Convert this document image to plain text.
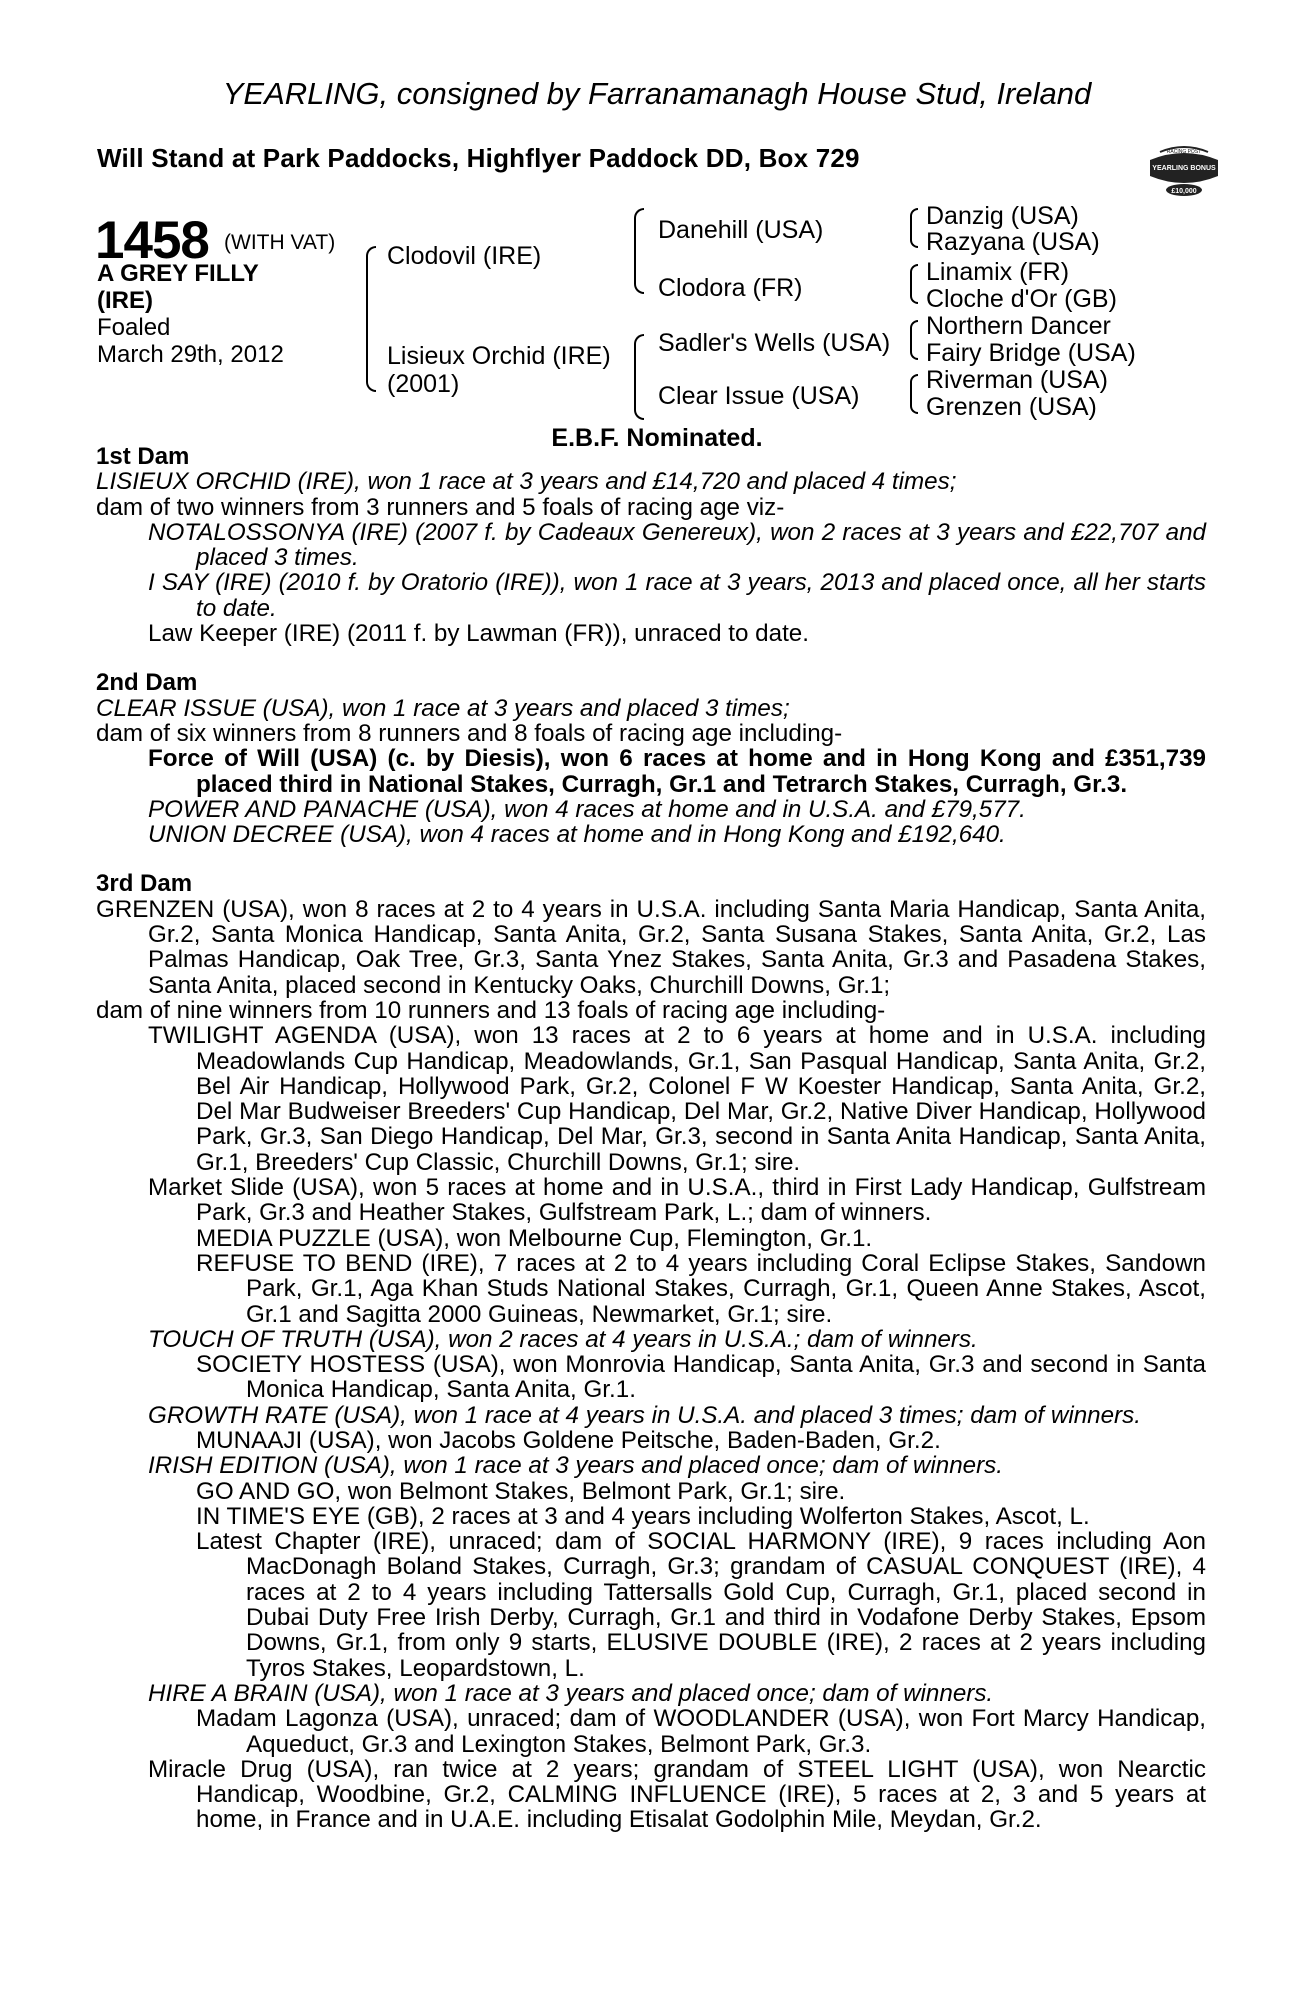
YEARLING, consigned by Farranamanagh House Stud, Ireland
Will Stand at Park Paddocks, Highflyer Paddock DD, Box 729	RACING POST
YEARLING BONUS
£10,000
1458 (WITH VAT)
A GREY FILLY
(IRE)
Foaled
March 29th, 2012
Clodovil (IRE)
Lisieux Orchid (IRE)
(2001)
Danehill (USA)
Clodora (FR)
Sadler's Wells (USA)
Clear Issue (USA)
Danzig (USA)
Razyana (USA)
Linamix (FR)
Cloche d'Or (GB)
Northern Dancer
Fairy Bridge (USA)
Riverman (USA)
Grenzen (USA)
E.B.F. Nominated.

1st Dam

LISIEUX ORCHID (IRE), won 1 race at 3 years and £14,720 and placed 4 times;

dam of two winners from 3 runners and 5 foals of racing age viz-

NOTALOSSONYA (IRE) (2007 f. by Cadeaux Genereux), won 2 races at 3 years and £22,707 and placed 3 times.

I SAY (IRE) (2010 f. by Oratorio (IRE)), won 1 race at 3 years, 2013 and placed once, all her starts to date.

Law Keeper (IRE) (2011 f. by Lawman (FR)), unraced to date.

2nd Dam

CLEAR ISSUE (USA), won 1 race at 3 years and placed 3 times;

dam of six winners from 8 runners and 8 foals of racing age including-

Force of Will (USA) (c. by Diesis), won 6 races at home and in Hong Kong and £351,739 placed third in National Stakes, Curragh, Gr.1 and Tetrarch Stakes, Curragh, Gr.3.

POWER AND PANACHE (USA), won 4 races at home and in U.S.A. and £79,577.

UNION DECREE (USA), won 4 races at home and in Hong Kong and £192,640.

3rd Dam

GRENZEN (USA), won 8 races at 2 to 4 years in U.S.A. including Santa Maria Handicap, Santa Anita, Gr.2, Santa Monica Handicap, Santa Anita, Gr.2, Santa Susana Stakes, Santa Anita, Gr.2, Las Palmas Handicap, Oak Tree, Gr.3, Santa Ynez Stakes, Santa Anita, Gr.3 and Pasadena Stakes, Santa Anita, placed second in Kentucky Oaks, Churchill Downs, Gr.1;

dam of nine winners from 10 runners and 13 foals of racing age including-

TWILIGHT AGENDA (USA), won 13 races at 2 to 6 years at home and in U.S.A. including Meadowlands Cup Handicap, Meadowlands, Gr.1, San Pasqual Handicap, Santa Anita, Gr.2, Bel Air Handicap, Hollywood Park, Gr.2, Colonel F W Koester Handicap, Santa Anita, Gr.2, Del Mar Budweiser Breeders' Cup Handicap, Del Mar, Gr.2, Native Diver Handicap, Hollywood Park, Gr.3, San Diego Handicap, Del Mar, Gr.3, second in Santa Anita Handicap, Santa Anita, Gr.1, Breeders' Cup Classic, Churchill Downs, Gr.1; sire.

Market Slide (USA), won 5 races at home and in U.S.A., third in First Lady Handicap, Gulfstream Park, Gr.3 and Heather Stakes, Gulfstream Park, L.; dam of winners.

MEDIA PUZZLE (USA), won Melbourne Cup, Flemington, Gr.1.

REFUSE TO BEND (IRE), 7 races at 2 to 4 years including Coral Eclipse Stakes, Sandown Park, Gr.1, Aga Khan Studs National Stakes, Curragh, Gr.1, Queen Anne Stakes, Ascot, Gr.1 and Sagitta 2000 Guineas, Newmarket, Gr.1; sire.

TOUCH OF TRUTH (USA), won 2 races at 4 years in U.S.A.; dam of winners.

SOCIETY HOSTESS (USA), won Monrovia Handicap, Santa Anita, Gr.3 and second in Santa Monica Handicap, Santa Anita, Gr.1.

GROWTH RATE (USA), won 1 race at 4 years in U.S.A. and placed 3 times; dam of winners.

MUNAAJI (USA), won Jacobs Goldene Peitsche, Baden-Baden, Gr.2.

IRISH EDITION (USA), won 1 race at 3 years and placed once; dam of winners.

GO AND GO, won Belmont Stakes, Belmont Park, Gr.1; sire.

IN TIME'S EYE (GB), 2 races at 3 and 4 years including Wolferton Stakes, Ascot, L.

Latest Chapter (IRE), unraced; dam of SOCIAL HARMONY (IRE), 9 races including Aon MacDonagh Boland Stakes, Curragh, Gr.3; grandam of CASUAL CONQUEST (IRE), 4 races at 2 to 4 years including Tattersalls Gold Cup, Curragh, Gr.1, placed second in Dubai Duty Free Irish Derby, Curragh, Gr.1 and third in Vodafone Derby Stakes, Epsom Downs, Gr.1, from only 9 starts, ELUSIVE DOUBLE (IRE), 2 races at 2 years including Tyros Stakes, Leopardstown, L.

HIRE A BRAIN (USA), won 1 race at 3 years and placed once; dam of winners.

Madam Lagonza (USA), unraced; dam of WOODLANDER (USA), won Fort Marcy Handicap, Aqueduct, Gr.3 and Lexington Stakes, Belmont Park, Gr.3.

Miracle Drug (USA), ran twice at 2 years; grandam of STEEL LIGHT (USA), won Nearctic Handicap, Woodbine, Gr.2, CALMING INFLUENCE (IRE), 5 races at 2, 3 and 5 years at home, in France and in U.A.E. including Etisalat Godolphin Mile, Meydan, Gr.2.
